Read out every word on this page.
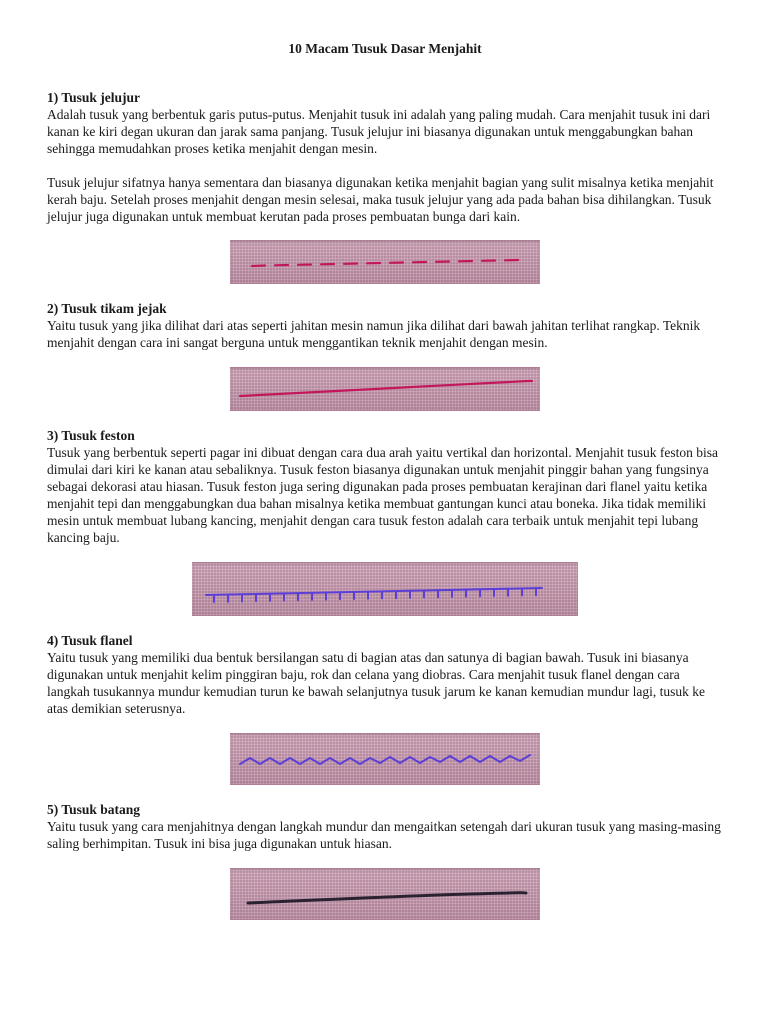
10 Macam Tusuk Dasar Menjahit
1) Tusuk jelujur

Adalah tusuk yang berbentuk garis putus-putus. Menjahit tusuk ini adalah yang paling mudah. Cara menjahit tusuk ini dari kanan ke kiri degan ukuran dan jarak sama panjang. Tusuk jelujur ini biasanya digunakan untuk menggabungkan bahan sehingga memudahkan proses ketika menjahit dengan mesin.

Tusuk jelujur sifatnya hanya sementara dan biasanya digunakan ketika menjahit bagian yang sulit misalnya ketika menjahit kerah baju. Setelah proses menjahit dengan mesin selesai, maka tusuk jelujur yang ada pada bahan bisa dihilangkan. Tusuk jelujur juga digunakan untuk membuat kerutan pada proses pembuatan bunga dari kain.

2) Tusuk tikam jejak

Yaitu tusuk yang jika dilihat dari atas seperti jahitan mesin namun jika dilihat dari bawah jahitan terlihat rangkap. Teknik menjahit dengan cara ini sangat berguna untuk menggantikan teknik menjahit dengan mesin.

3) Tusuk feston

Tusuk yang berbentuk seperti pagar ini dibuat dengan cara dua arah yaitu vertikal dan horizontal. Menjahit tusuk feston bisa dimulai dari kiri ke kanan atau sebaliknya. Tusuk feston biasanya digunakan untuk menjahit pinggir bahan yang fungsinya sebagai dekorasi atau hiasan. Tusuk feston juga sering digunakan pada proses pembuatan kerajinan dari flanel yaitu ketika menjahit tepi dan menggabungkan dua bahan misalnya ketika membuat gantungan kunci atau boneka. Jika tidak memiliki mesin untuk membuat lubang kancing, menjahit dengan cara tusuk feston adalah cara terbaik untuk menjahit tepi lubang kancing baju.

4) Tusuk flanel

Yaitu tusuk yang memiliki dua bentuk bersilangan satu di bagian atas dan satunya di bagian bawah. Tusuk ini biasanya digunakan untuk menjahit kelim pinggiran baju, rok dan celana yang diobras. Cara menjahit tusuk flanel dengan cara langkah tusukannya mundur kemudian turun ke bawah selanjutnya tusuk jarum ke kanan kemudian mundur lagi, tusuk ke atas demikian seterusnya.

5) Tusuk batang

Yaitu tusuk yang cara menjahitnya dengan langkah mundur dan mengaitkan setengah dari ukuran tusuk yang masing-masing saling berhimpitan. Tusuk ini bisa juga digunakan untuk hiasan.
